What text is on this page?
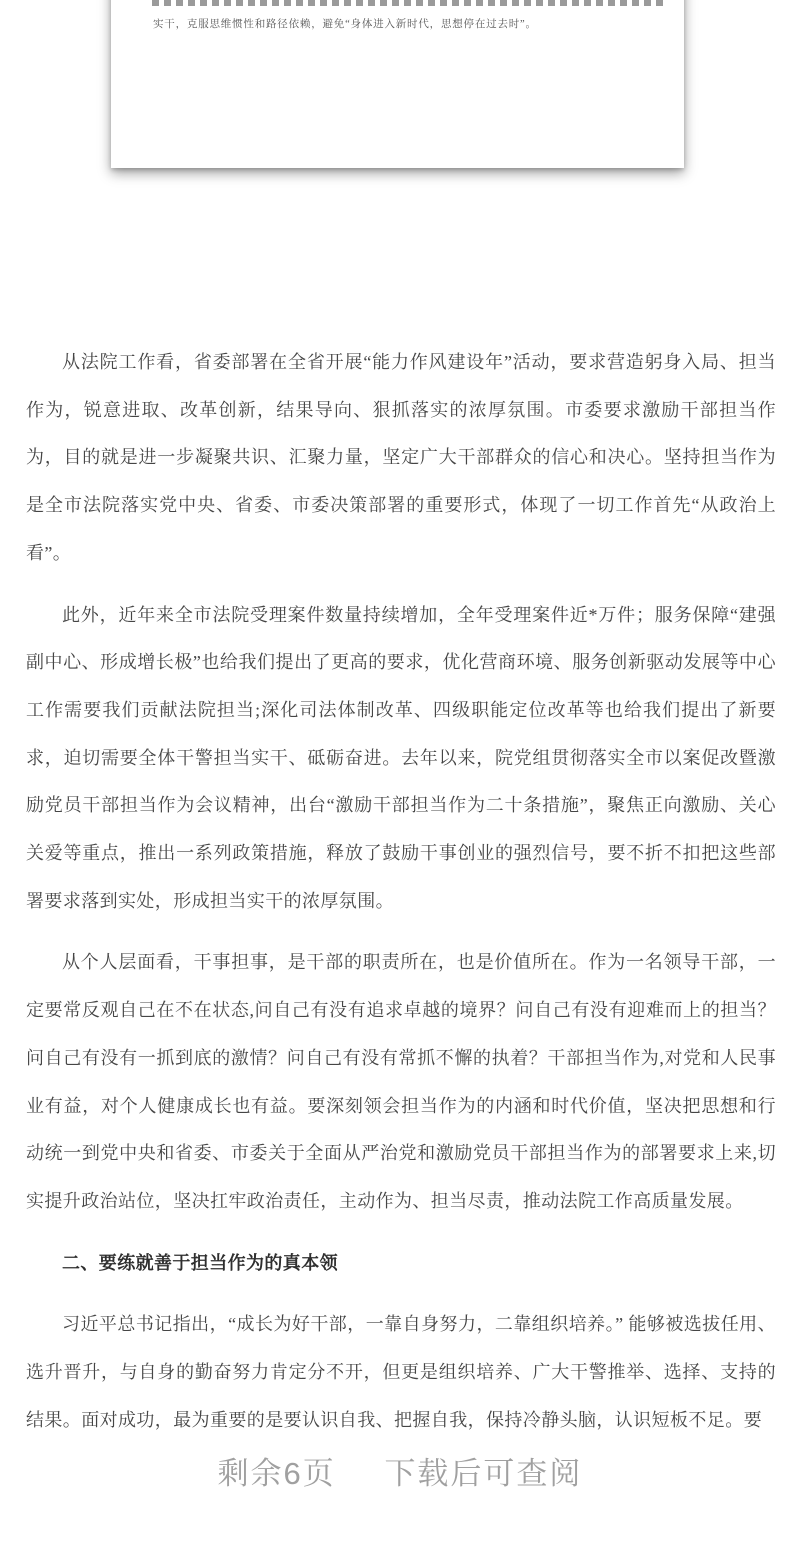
实干，克服思维惯性和路径依赖，避免“身体进入新时代，思想停在过去时”。

从法院工作看，省委部署在全省开展“能力作风建设年”活动，要求营造躬身入局、担当作为，锐意进取、改革创新，结果导向、狠抓落实的浓厚氛围。市委要求激励干部担当作为，目的就是进一步凝聚共识、汇聚力量，坚定广大干部群众的信心和决心。坚持担当作为是全市法院落实党中央、省委、市委决策部署的重要形式，体现了一切工作首先“从政治上看”。

此外，近年来全市法院受理案件数量持续增加，全年受理案件近*万件；服务保障“建强副中心、形成增长极”也给我们提出了更高的要求，优化营商环境、服务创新驱动发展等中心工作需要我们贡献法院担当;深化司法体制改革、四级职能定位改革等也给我们提出了新要求，迫切需要全体干警担当实干、砥砺奋进。去年以来，院党组贯彻落实全市以案促改暨激励党员干部担当作为会议精神，出台“激励干部担当作为二十条措施”，聚焦正向激励、关心关爱等重点，推出一系列政策措施，释放了鼓励干事创业的强烈信号，要不折不扣把这些部署要求落到实处，形成担当实干的浓厚氛围。

从个人层面看，干事担事，是干部的职责所在，也是价值所在。作为一名领导干部，一定要常反观自己在不在状态,问自己有没有追求卓越的境界？问自己有没有迎难而上的担当？问自己有没有一抓到底的激情？问自己有没有常抓不懈的执着？干部担当作为,对党和人民事业有益，对个人健康成长也有益。要深刻领会担当作为的内涵和时代价值，坚决把思想和行动统一到党中央和省委、市委关于全面从严治党和激励党员干部担当作为的部署要求上来,切实提升政治站位，坚决扛牢政治责任，主动作为、担当尽责，推动法院工作高质量发展。

二、要练就善于担当作为的真本领

习近平总书记指出，“成长为好干部，一靠自身努力，二靠组织培养。” 能够被选拔任用、选升晋升，与自身的勤奋努力肯定分不开，但更是组织培养、广大干警推举、选择、支持的结果。面对成功，最为重要的是要认识自我、把握自我，保持冷静头脑，认识短板不足。要

剩余6页 下载后可查阅
